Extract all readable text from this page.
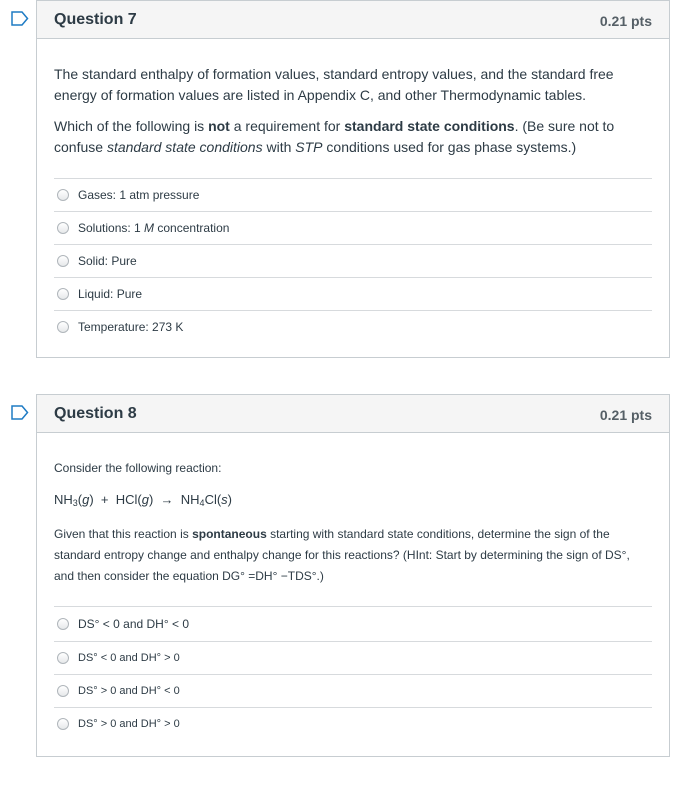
Question 7	0.21 pts

The standard enthalpy of formation values, standard entropy values, and the standard free energy of formation values are listed in Appendix C, and other Thermodynamic tables.

Which of the following is not a requirement for standard state conditions. (Be sure not to confuse standard state conditions with STP conditions used for gas phase systems.)

Gases: 1 atm pressure
Solutions: 1 M concentration
Solid: Pure
Liquid: Pure
Temperature: 273 K
Question 8	0.21 pts

Consider the following reaction:

$NH_3(g) + HCl(g) \to NH_4Cl(s)$

Given that this reaction is spontaneous starting with standard state conditions, determine the sign of the standard entropy change and enthalpy change for this reactions? (HInt: Start by determining the sign of DS°, and then consider the equation DG° =DH° −TDS°.)

DS° < 0 and DH° < 0
DS° < 0 and DH° > 0
DS° > 0 and DH° < 0
DS° > 0 and DH° > 0
